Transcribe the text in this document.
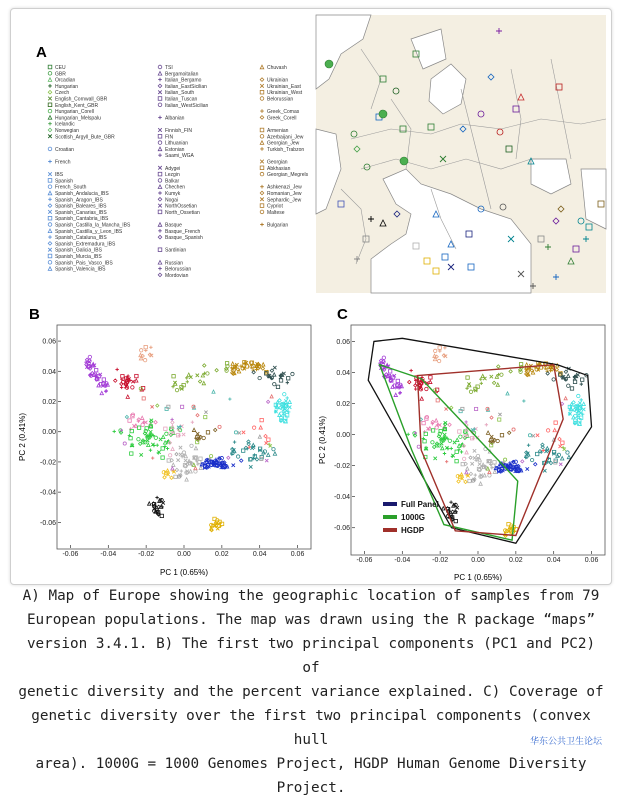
A
CEU
GBR
Orcadian
Hungarian
Czech
English_Cornwall_GBR
English_Kent_GBR
Hungarian_Corell
Hungarian_Melspalu
Icelandic
Norwegian
Scottish_Argyll_Bute_GBR
Croatian
French
IBS
Spanish
French_South
Spanish_Andalucia_IBS
Spanish_Aragon_IBS
Spanish_Baleares_IBS
Spanish_Canarias_IBS
Spanish_Cantabria_IBS
Spanish_Castilla_la_Mancha_IBS
Spanish_Castilla_y_Leon_IBS
Spanish_Cataluna_IBS
Spanish_Extremadura_IBS
Spanish_Galicia_IBS
Spanish_Murcia_IBS
Spanish_Pais_Vasco_IBS
Spanish_Valencia_IBS
TSI
Bergamoitalian
Italian_Bergamo
Italian_EastSicilian
Italian_South
Italian_Tuscan
Italian_WestSicilian
Albanian
Finnish_FIN
FIN
Lithuanian
Estonian
Saami_WGA
Adygei
Lezgin
Balkar
Chechen
Kumyk
Nogai
NorthOssetian
North_Ossetian
Basque
Basque_French
Basque_Spanish
Sardinian
Russian
Belorussian
Mordovian
Chuvash
Ukrainian
Ukrainian_East
Ukrainian_West
Belorussian
Greek_Comas
Greek_Corell
Armenian
Azerbaijani_Jew
Georgian_Jew
Turkish_Trabzon
Georgian
Abkhasian
Georgian_Megrels
Ashkenazi_Jew
Romanian_Jew
Sephardic_Jew
Cypriot
Maltese
Bulgarian
B
-0.06	-0.04	-0.02	0.00	0.02	0.04	0.06
0.06
0.04
0.02
0.00
-0.02
-0.04
-0.06
PC 1 (0.65%)
PC 2 (0.41%)
C
-0.06	-0.04	-0.02	0.00	0.02	0.04	0.06
0.06
0.04
0.02
0.00
-0.02
-0.04
-0.06
Full Panel
1000G
HGDP
PC 1 (0.65%)
PC 2 (0.41%)
A) Map of Europe showing the geographic location of samples from 79
European populations. The map was drawn using the R package “maps”
version 3.4.1. B) The first two principal components (PC1 and PC2) of
genetic diversity and the percent variance explained. C) Coverage of
genetic diversity over the first two principal components (convex hull
area). 1000G = 1000 Genomes Project, HGDP Human Genome Diversity Project.
华东公共卫生论坛
